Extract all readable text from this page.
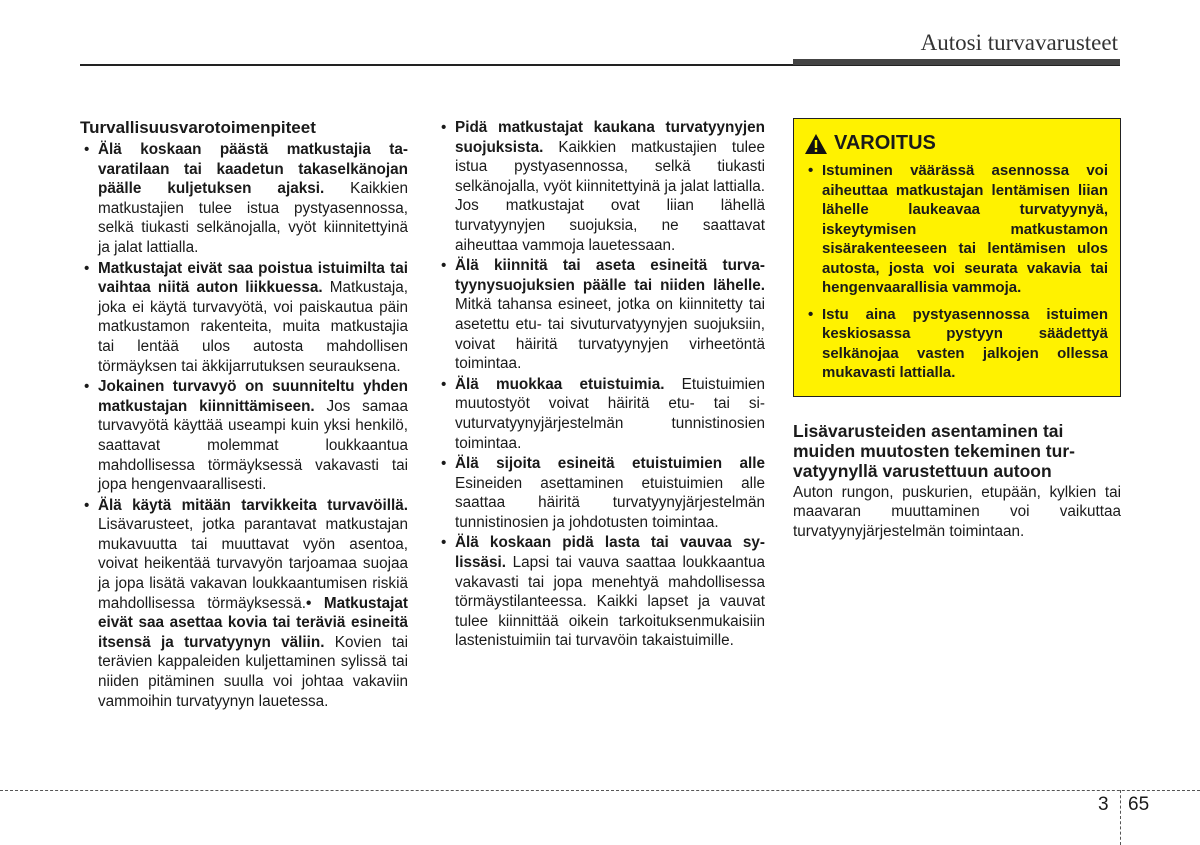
Autosi turvavarusteet
Turvallisuusvarotoimenpiteet
• Älä koskaan päästä matkustajia tavaratilaan tai kaadetun takaselkänojan päälle kuljetuksen ajaksi. Kaikkien matkustajien tulee istua pystyasennossa, selkä tiukasti selkänojalla, vyöt kiinnitettyinä ja jalat lattialla.
• Matkustajat eivät saa poistua istuimilta tai vaihtaa niitä auton liikkuessa. Matkustaja, joka ei käytä turvavyötä, voi paiskautua päin matkustamon rakenteita, muita matkustajia tai lentää ulos autosta mahdollisen törmäyksen tai äkkijarrutuksen seurauksena.
• Jokainen turvavyö on suunniteltu yhden matkustajan kiinnittämiseen. Jos samaa turvavyötä käyttää useampi kuin yksi henkilö, saattavat molemmat loukkaantua mahdollisessa törmäyksessä vakavasti tai jopa hengenvaarallisesti.
• Älä käytä mitään tarvikkeita turvavöillä. Lisävarusteet, jotka parantavat matkustajan mukavuutta tai muuttavat vyön asentoa, voivat heikentää turvavyön tarjoamaa suojaa ja jopa lisätä vakavan loukkaantumisen riskiä mahdollisessa törmäyksessä.• Matkustajat eivät saa asettaa kovia tai teräviä esineitä itsensä ja turvatyynyn väliin. Kovien tai terävien kappaleiden kuljettaminen sylissä tai niiden pitäminen suulla voi johtaa vakaviin vammoihin turvatyynyn lauetessa.
• Pidä matkustajat kaukana turvatyynyjen suojuksista. Kaikkien matkustajien tulee istua pystyasennossa, selkä tiukasti selkänojalla, vyöt kiinnitettyinä ja jalat lattialla. Jos matkustajat ovat liian lähellä turvatyynyjen suojuksia, ne saattavat aiheuttaa vammoja lauetessaan.
• Älä kiinnitä tai aseta esineitä turvatyynysuojuksien päälle tai niiden lähelle. Mitkä tahansa esineet, jotka on kiinnitetty tai asetettu etu- tai sivuturvatyynyjen suojuksiin, voivat häiritä turvatyynyjen virheetöntä toimintaa.
• Älä muokkaa etuistuimia. Etuistuimien muutostyöt voivat häiritä etu- tai sivuturvatyynyjärjestelmän tunnistinosien toimintaa.
• Älä sijoita esineitä etuistuimien alle Esineiden asettaminen etuistuimien alle saattaa häiritä turvatyynyjärjestelmän tunnistinosien ja johdotusten toimintaa.
• Älä koskaan pidä lasta tai vauvaa sylissäsi. Lapsi tai vauva saattaa loukkaantua vakavasti tai jopa menehtyä mahdollisessa törmäystilanteessa. Kaikki lapset ja vauvat tulee kiinnittää oikein tarkoituksenmukaisiin lastenistuimiin tai turvavöin takaistuimille.
VAROITUS
• Istuminen väärässä asennossa voi aiheuttaa matkustajan lentämisen liian lähelle laukeavaa turvatyynyä, iskeytymisen matkustamon sisärakenteeseen tai lentämisen ulos autosta, josta voi seurata vakavia tai hengenvaarallisia vammoja.
• Istu aina pystyasennossa istuimen keskiosassa pystyyn säädettyä selkänojaa vasten jalkojen ollessa mukavasti lattialla.
Lisävarusteiden asentaminen tai muiden muutosten tekeminen turvatyynyllä varustettuun autoon
Auton rungon, puskurien, etupään, kylkien tai maavaran muuttaminen voi vaikuttaa turvatyynyjärjestelmän toimintaan.
3 65
